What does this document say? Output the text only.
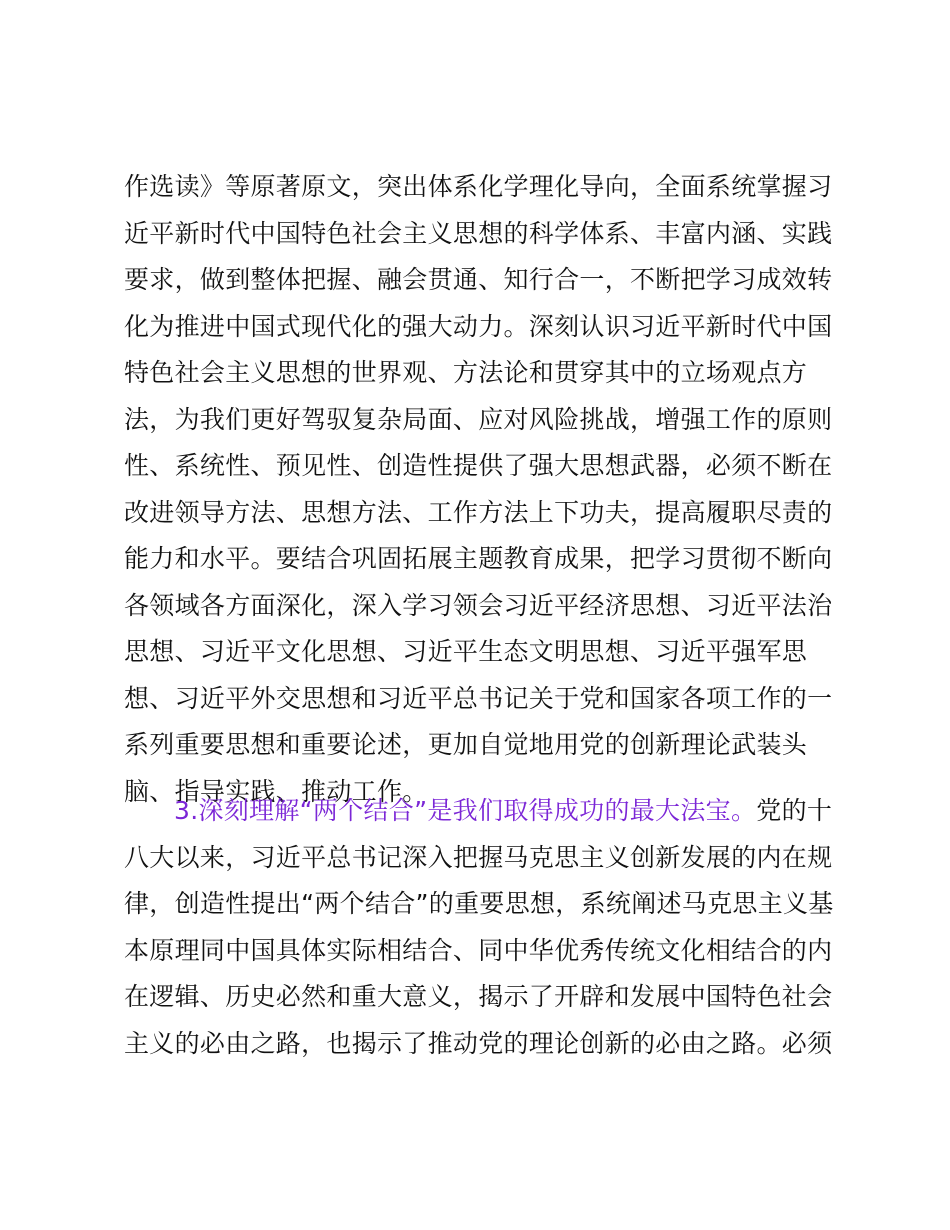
作选读》等原著原文，突出体系化学理化导向，全面系统掌握习
近平新时代中国特色社会主义思想的科学体系、丰富内涵、实践
要求，做到整体把握、融会贯通、知行合一，不断把学习成效转
化为推进中国式现代化的强大动力。深刻认识习近平新时代中国
特色社会主义思想的世界观、方法论和贯穿其中的立场观点方
法，为我们更好驾驭复杂局面、应对风险挑战，增强工作的原则
性、系统性、预见性、创造性提供了强大思想武器，必须不断在
改进领导方法、思想方法、工作方法上下功夫，提高履职尽责的
能力和水平。要结合巩固拓展主题教育成果，把学习贯彻不断向
各领域各方面深化，深入学习领会习近平经济思想、习近平法治
思想、习近平文化思想、习近平生态文明思想、习近平强军思
想、习近平外交思想和习近平总书记关于党和国家各项工作的一
系列重要思想和重要论述，更加自觉地用党的创新理论武装头
脑、指导实践、推动工作。
3.深刻理解“两个结合”是我们取得成功的最大法宝。党的十
八大以来，习近平总书记深入把握马克思主义创新发展的内在规
律，创造性提出“两个结合”的重要思想，系统阐述马克思主义基
本原理同中国具体实际相结合、同中华优秀传统文化相结合的内
在逻辑、历史必然和重大意义，揭示了开辟和发展中国特色社会
主义的必由之路，也揭示了推动党的理论创新的必由之路。必须
